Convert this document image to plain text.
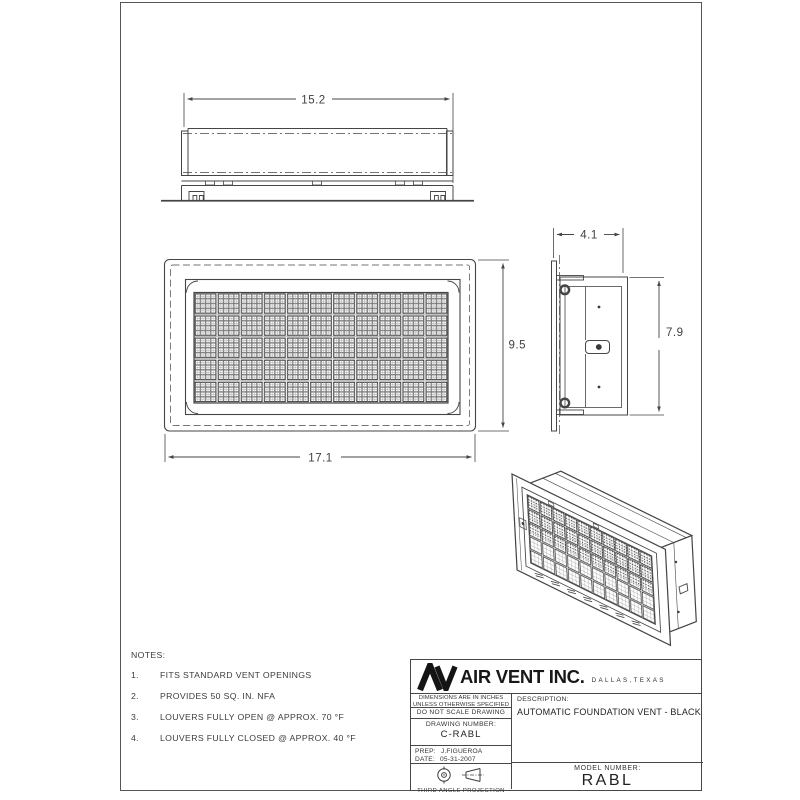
15.2
9.5
17.1
4.1
7.9
NOTES:
1.	FITS STANDARD VENT OPENINGS
2.	PROVIDES 50 SQ. IN. NFA
3.	LOUVERS FULLY OPEN @ APPROX. 70 °F
4.	LOUVERS FULLY CLOSED @ APPROX. 40 °F
AIR VENT INC. DALLAS,TEXAS
DIMENSIONS ARE IN INCHES
UNLESS OTHERWISE SPECIFIED
DO NOT SCALE DRAWING
DRAWING NUMBER:
C-RABL
PREP: J.FIGUEROA
DATE: 05-31-2007
THIRD ANGLE PROJECTION
DESCRIPTION:
AUTOMATIC FOUNDATION VENT - BLACK
MODEL NUMBER:
RABL
